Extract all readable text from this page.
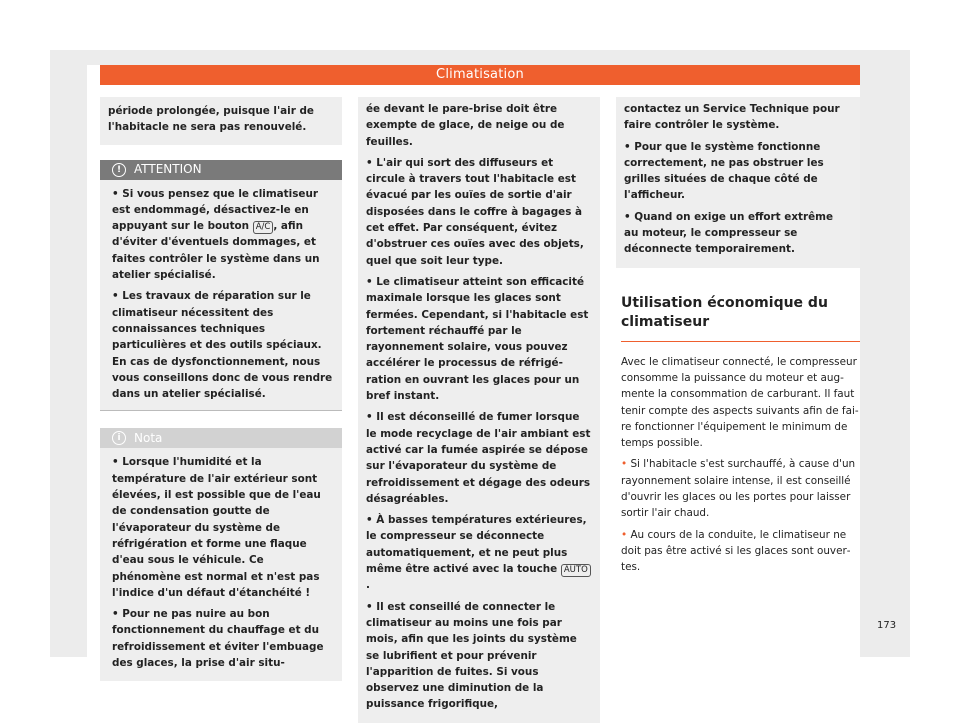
Climatisation

période prolongée, puisque l'air de l'habitacle ne sera pas renouvelé.

!	ATTENTION

• Si vous pensez que le climatiseur est endommagé, désactivez-le en appuyant sur le bouton A/C , afin d'éviter d'éventuels dommages, et faites contrôler le système dans un atelier spécialisé.

• Les travaux de réparation sur le climatiseur nécessitent des connaissances techniques particulières et des outils spéciaux. En cas de dysfonctionnement, nous vous conseillons donc de vous rendre dans un atelier spécialisé.

i	Nota

• Lorsque l'humidité et la température de l'air extérieur sont élevées, il est possible que de l'eau de condensation goutte de l'évaporateur du système de réfrigération et forme une flaque d'eau sous le véhicule. Ce phénomène est normal et n'est pas l'indice d'un défaut d'étanchéité !

• Pour ne pas nuire au bon fonctionnement du chauffage et du refroidissement et éviter l'embuage des glaces, la prise d'air situ-

ée devant le pare-brise doit être exempte de glace, de neige ou de feuilles.

• L'air qui sort des diffuseurs et circule à travers tout l'habitacle est évacué par les ouïes de sortie d'air disposées dans le coffre à bagages à cet effet. Par conséquent, évitez d'obstruer ces ouïes avec des objets, quel que soit leur type.

• Le climatiseur atteint son efficacité maximale lorsque les glaces sont fermées. Cependant, si l'habitacle est fortement réchauffé par le rayonnement solaire, vous pouvez accélérer le processus de réfrigération en ouvrant les glaces pour un bref instant.

• Il est déconseillé de fumer lorsque le mode recyclage de l'air ambiant est activé car la fumée aspirée se dépose sur l'évaporateur du système de refroidissement et dégage des odeurs désagréables.

• À basses températures extérieures, le compresseur se déconnecte automatiquement, et ne peut plus même être activé avec la touche AUTO.

• Il est conseillé de connecter le climatiseur au moins une fois par mois, afin que les joints du système se lubrifient et pour prévenir l'apparition de fuites. Si vous observez une diminution de la puissance frigorifique,

contactez un Service Technique pour faire contrôler le système.

• Pour que le système fonctionne correctement, ne pas obstruer les grilles situées de chaque côté de l'afficheur.

• Quand on exige un effort extrême au moteur, le compresseur se déconnecte temporairement.

Utilisation économique du climatiseur

Avec le climatiseur connecté, le compresseur consomme la puissance du moteur et augmente la consommation de carburant. Il faut tenir compte des aspects suivants afin de faire fonctionner l'équipement le minimum de temps possible.

• Si l'habitacle s'est surchauffé, à cause d'un rayonnement solaire intense, il est conseillé d'ouvrir les glaces ou les portes pour laisser sortir l'air chaud.

• Au cours de la conduite, le climatiseur ne doit pas être activé si les glaces sont ouvertes.

173
